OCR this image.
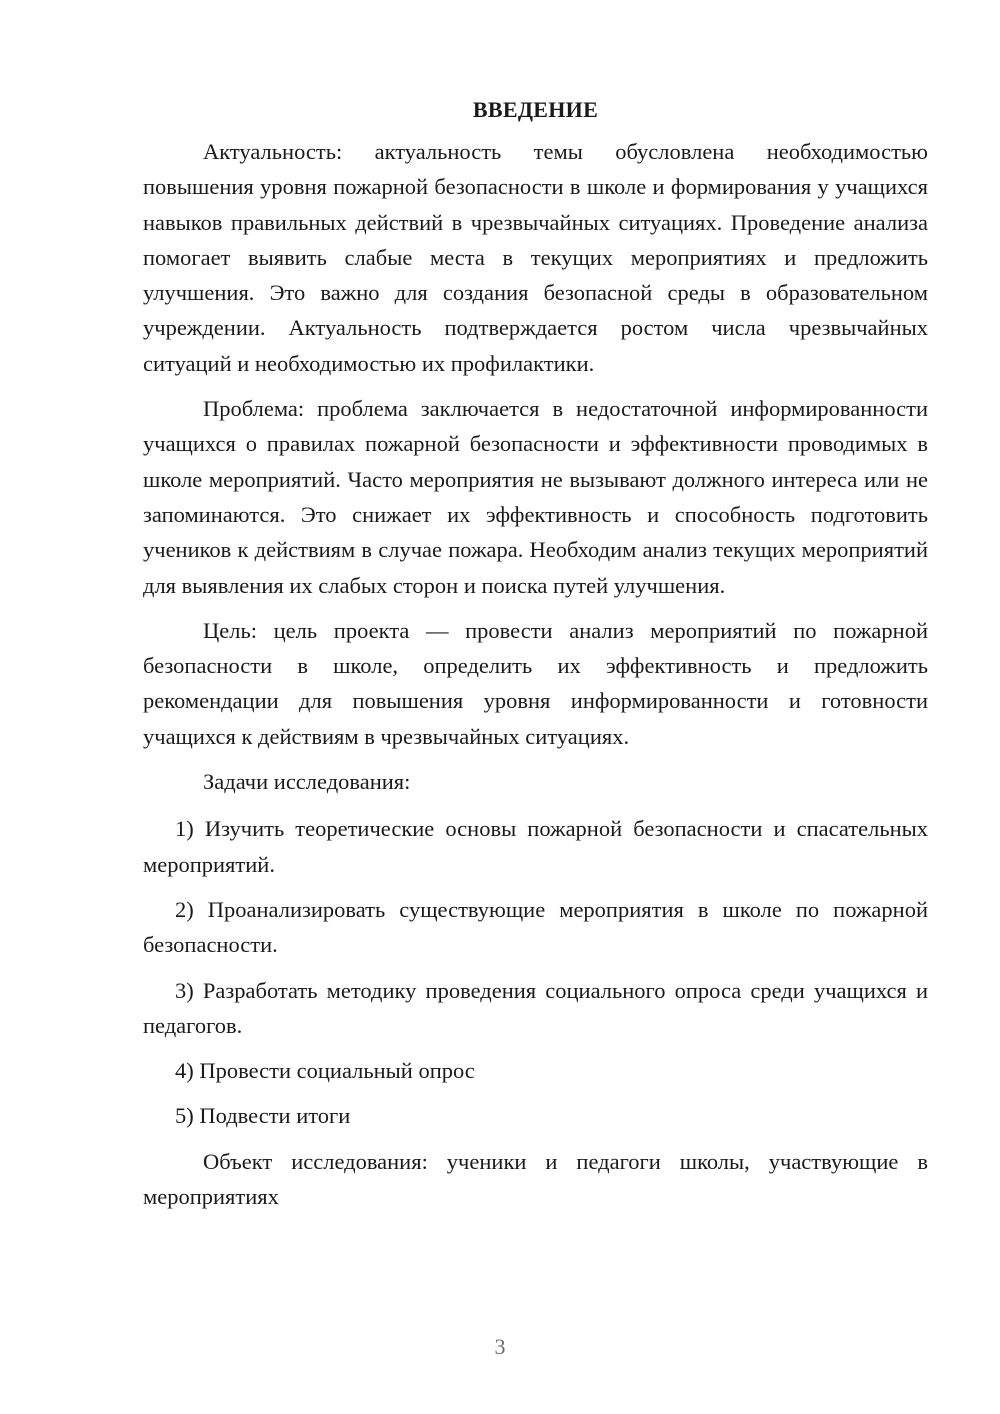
ВВЕДЕНИЕ

Актуальность: актуальность темы обусловлена необходимостью повышения уровня пожарной безопасности в школе и формирования у учащихся навыков правильных действий в чрезвычайных ситуациях. Проведение анализа помогает выявить слабые места в текущих мероприятиях и предложить улучшения. Это важно для создания безопасной среды в образовательном учреждении. Актуальность подтверждается ростом числа чрезвычайных ситуаций и необходимостью их профилактики.

Проблема: проблема заключается в недостаточной информированности учащихся о правилах пожарной безопасности и эффективности проводимых в школе мероприятий. Часто мероприятия не вызывают должного интереса или не запоминаются. Это снижает их эффективность и способность подготовить учеников к действиям в случае пожара. Необходим анализ текущих мероприятий для выявления их слабых сторон и поиска путей улучшения.

Цель: цель проекта — провести анализ мероприятий по пожарной безопасности в школе, определить их эффективность и предложить рекомендации для повышения уровня информированности и готовности учащихся к действиям в чрезвычайных ситуациях.

Задачи исследования:

1) Изучить теоретические основы пожарной безопасности и спасательных мероприятий.

2) Проанализировать существующие мероприятия в школе по пожарной безопасности.

3) Разработать методику проведения социального опроса среди учащихся и педагогов.

4) Провести социальный опрос

5) Подвести итоги

Объект исследования: ученики и педагоги школы, участвующие в мероприятиях

3
